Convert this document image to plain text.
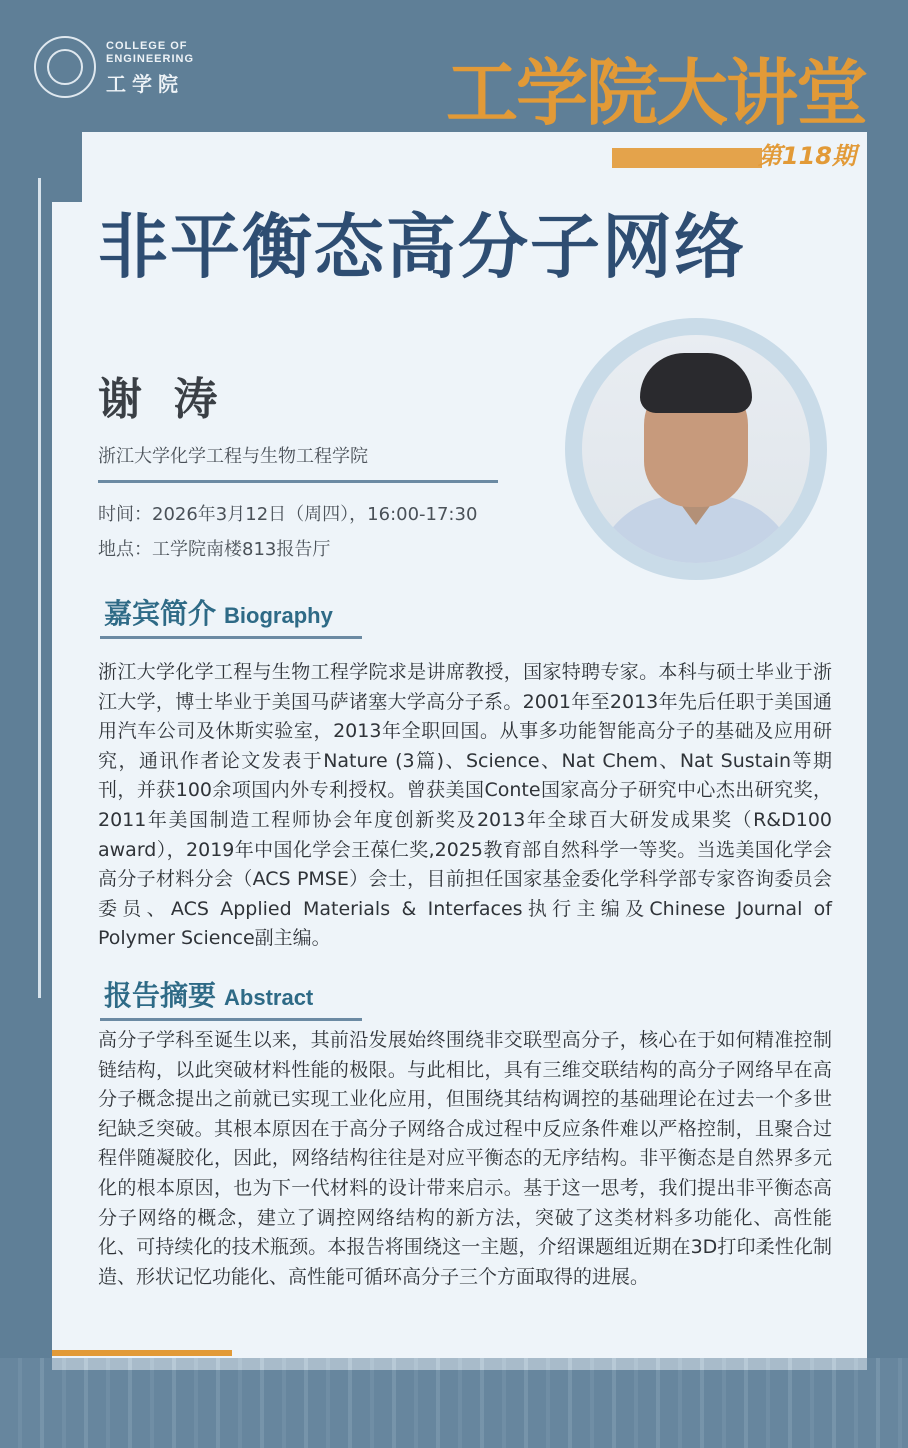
COLLEGE OF ENGINEERING
工学院	工学院大讲堂
第118期
非平衡态高分子网络
谢 涛
浙江大学化学工程与生物工程学院
时间：2026年3月12日（周四），16:00-17:30
地点：工学院南楼813报告厅
嘉宾简介 Biography
浙江大学化学工程与生物工程学院求是讲席教授，国家特聘专家。本科与硕士毕业于浙江大学，博士毕业于美国马萨诸塞大学高分子系。2001年至2013年先后任职于美国通用汽车公司及休斯实验室，2013年全职回国。从事多功能智能高分子的基础及应用研究，通讯作者论文发表于Nature (3篇)、Science、Nat Chem、Nat Sustain等期刊，并获100余项国内外专利授权。曾获美国Conte国家高分子研究中心杰出研究奖，2011年美国制造工程师协会年度创新奖及2013年全球百大研发成果奖（R&D100 award），2019年中国化学会王葆仁奖,2025教育部自然科学一等奖。当选美国化学会高分子材料分会（ACS PMSE）会士，目前担任国家基金委化学科学部专家咨询委员会委员、ACS Applied Materials & Interfaces执行主编及Chinese Journal of Polymer Science副主编。
报告摘要 Abstract
高分子学科至诞生以来，其前沿发展始终围绕非交联型高分子，核心在于如何精准控制链结构，以此突破材料性能的极限。与此相比，具有三维交联结构的高分子网络早在高分子概念提出之前就已实现工业化应用，但围绕其结构调控的基础理论在过去一个多世纪缺乏突破。其根本原因在于高分子网络合成过程中反应条件难以严格控制，且聚合过程伴随凝胶化，因此，网络结构往往是对应平衡态的无序结构。非平衡态是自然界多元化的根本原因，也为下一代材料的设计带来启示。基于这一思考，我们提出非平衡态高分子网络的概念，建立了调控网络结构的新方法，突破了这类材料多功能化、高性能化、可持续化的技术瓶颈。本报告将围绕这一主题，介绍课题组近期在3D打印柔性化制造、形状记忆功能化、高性能可循环高分子三个方面取得的进展。
